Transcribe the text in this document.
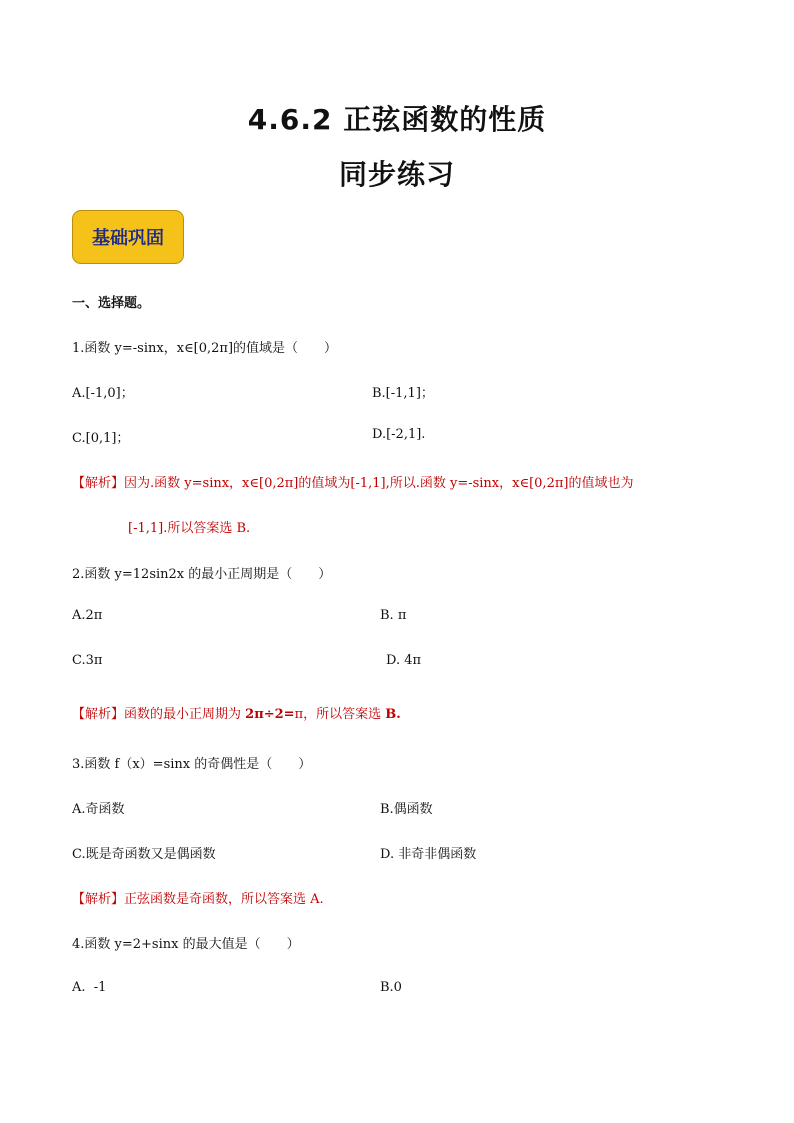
4.6.2 正弦函数的性质
同步练习
基础巩固
一、选择题。
1.函数 y=-sinx，x∈[0,2π]的值域是（　　）
A.[-1,0]；	B.[-1,1]；
C.[0,1]；	D.[-2,1].
【解析】因为.函数 y=sinx，x∈[0,2π]的值域为[-1,1],所以.函数 y=-sinx，x∈[0,2π]的值域也为
[-1,1].所以答案选 B.
2.函数 y=12sin2x 的最小正周期是（　　）
A.2π	B. π
C.3π	D. 4π
【解析】函数的最小正周期为 2π÷2=π，所以答案选 B.
3.函数 f（x）=sinx 的奇偶性是（　　）
A.奇函数	B.偶函数
C.既是奇函数又是偶函数	D. 非奇非偶函数
【解析】正弦函数是奇函数，所以答案选 A.
4.函数 y=2+sinx 的最大值是（　　）
A.  -1	B.0
